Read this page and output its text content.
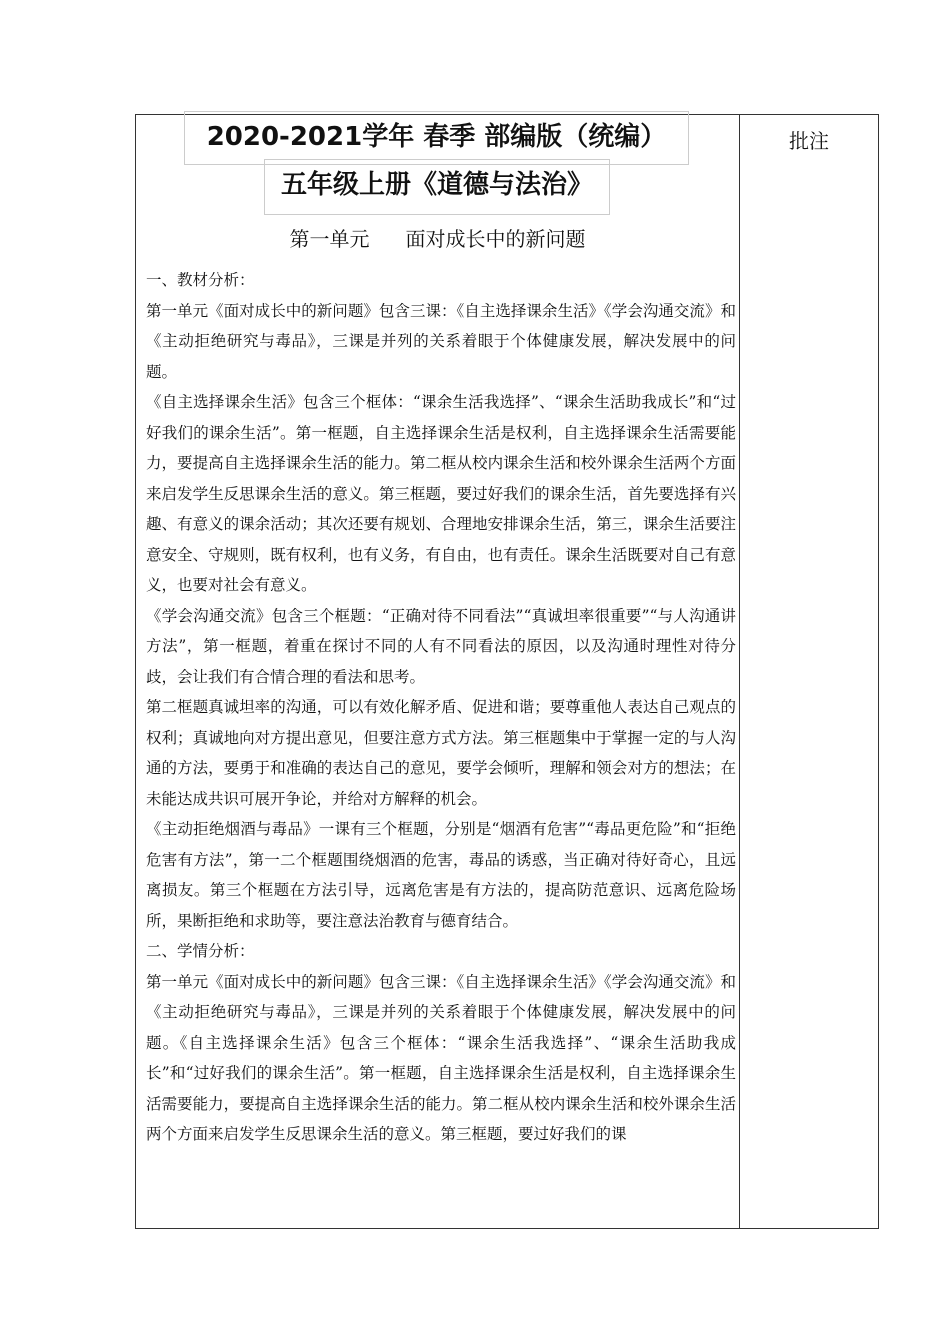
2020-2021学年 春季 部编版（统编）
五年级上册《道德与法治》
第一单元 面对成长中的新问题

一、教材分析：

第一单元《面对成长中的新问题》包含三课：《自主选择课余生活》《学会沟通交流》和《主动拒绝研究与毒品》，三课是并列的关系着眼于个体健康发展，解决发展中的问题。

《自主选择课余生活》包含三个框体：“课余生活我选择”、“课余生活助我成长”和“过好我们的课余生活”。第一框题，自主选择课余生活是权利，自主选择课余生活需要能力，要提高自主选择课余生活的能力。第二框从校内课余生活和校外课余生活两个方面来启发学生反思课余生活的意义。第三框题，要过好我们的课余生活，首先要选择有兴趣、有意义的课余活动；其次还要有规划、合理地安排课余生活，第三，课余生活要注意安全、守规则，既有权利，也有义务，有自由，也有责任。课余生活既要对自己有意义，也要对社会有意义。

《学会沟通交流》包含三个框题：“正确对待不同看法”“真诚坦率很重要”“与人沟通讲方法”，第一框题，着重在探讨不同的人有不同看法的原因，以及沟通时理性对待分歧，会让我们有合情合理的看法和思考。

第二框题真诚坦率的沟通，可以有效化解矛盾、促进和谐；要尊重他人表达自己观点的权利；真诚地向对方提出意见，但要注意方式方法。第三框题集中于掌握一定的与人沟通的方法，要勇于和准确的表达自己的意见，要学会倾听，理解和领会对方的想法；在未能达成共识可展开争论，并给对方解释的机会。

《主动拒绝烟酒与毒品》一课有三个框题，分别是“烟酒有危害”“毒品更危险”和“拒绝危害有方法”，第一二个框题围绕烟酒的危害，毒品的诱惑，当正确对待好奇心，且远离损友。第三个框题在方法引导，远离危害是有方法的，提高防范意识、远离危险场所，果断拒绝和求助等，要注意法治教育与德育结合。

二、学情分析：

第一单元《面对成长中的新问题》包含三课：《自主选择课余生活》《学会沟通交流》和《主动拒绝研究与毒品》，三课是并列的关系着眼于个体健康发展，解决发展中的问题。《自主选择课余生活》包含三个框体：“课余生活我选择”、“课余生活助我成长”和“过好我们的课余生活”。第一框题，自主选择课余生活是权利，自主选择课余生活需要能力，要提高自主选择课余生活的能力。第二框从校内课余生活和校外课余生活两个方面来启发学生反思课余生活的意义。第三框题，要过好我们的课

批注
